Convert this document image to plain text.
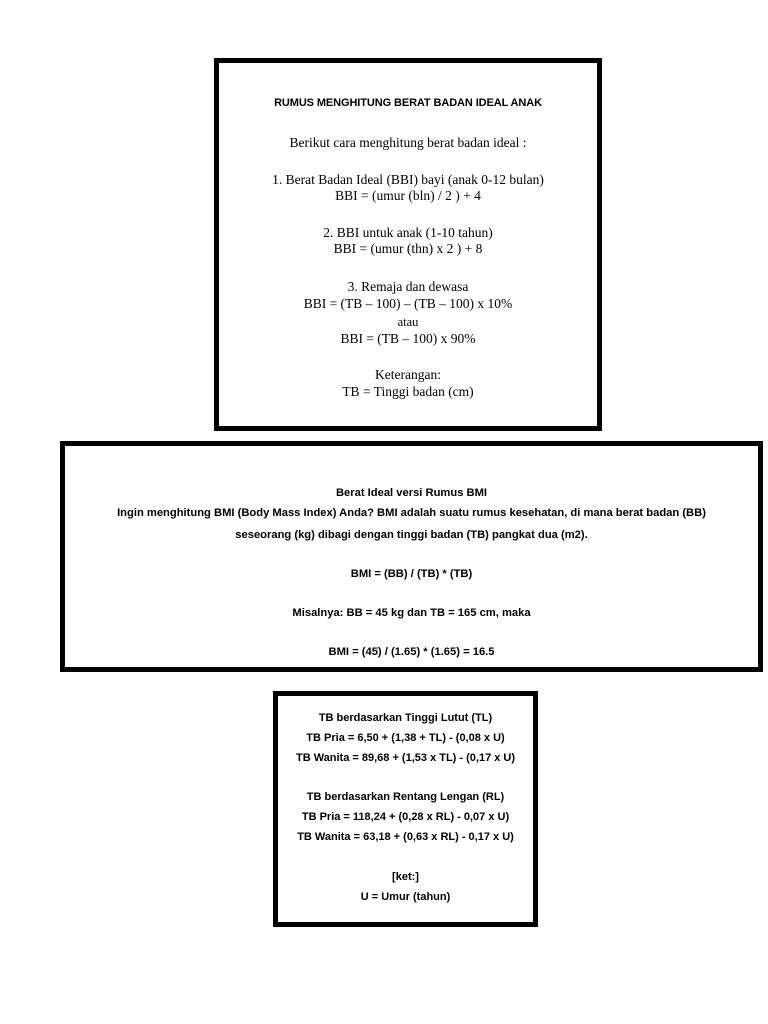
RUMUS MENGHITUNG BERAT BADAN IDEAL ANAK
Berikut cara menghitung berat badan ideal :
1. Berat Badan Ideal (BBI) bayi (anak 0-12 bulan)
BBI = (umur (bln) / 2 ) + 4
2. BBI untuk anak (1-10 tahun)
BBI = (umur (thn) x 2 ) + 8
3. Remaja dan dewasa
BBI = (TB – 100) – (TB – 100) x 10%
atau
BBI = (TB – 100) x 90%
Keterangan:
TB = Tinggi badan (cm)
Berat Ideal versi Rumus BMI
Ingin menghitung BMI (Body Mass Index) Anda? BMI adalah suatu rumus kesehatan, di mana berat badan (BB)
seseorang (kg) dibagi dengan tinggi badan (TB) pangkat dua (m2).
BMI = (BB) / (TB) * (TB)
Misalnya: BB = 45 kg dan TB = 165 cm, maka
BMI = (45) / (1.65) * (1.65) = 16.5
TB berdasarkan Tinggi Lutut (TL)
TB Pria = 6,50 + (1,38 + TL) - (0,08 x U)
TB Wanita = 89,68 + (1,53 x TL) - (0,17 x U)
TB berdasarkan Rentang Lengan (RL)
TB Pria = 118,24 + (0,28 x RL) - 0,07 x U)
TB Wanita = 63,18 + (0,63 x RL) - 0,17 x U)
[ket:]
U = Umur (tahun)
